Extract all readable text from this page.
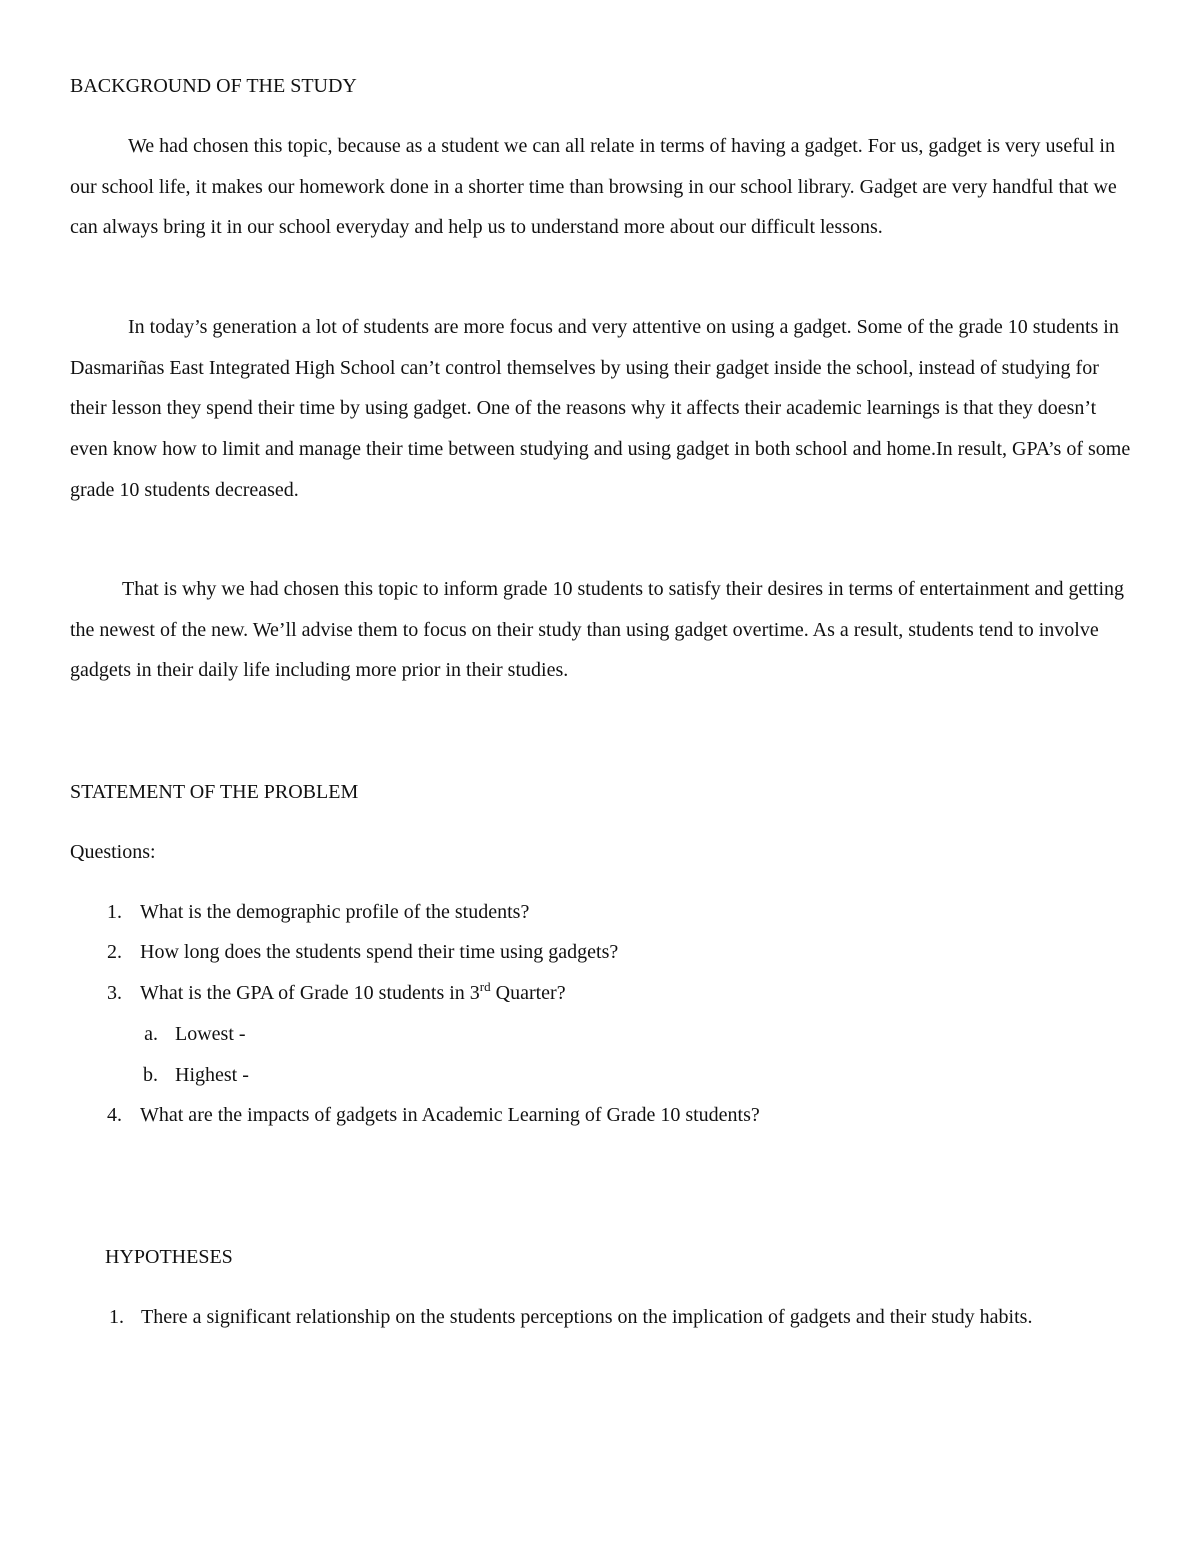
BACKGROUND OF THE STUDY

We had chosen this topic, because as a student we can all relate in terms of having a gadget. For us, gadget is very useful in our school life, it makes our homework done in a shorter time than browsing in our school library. Gadget are very handful that we can always bring it in our school everyday and help us to understand more about our difficult lessons.

In today’s generation a lot of students are more focus and very attentive on using a gadget. Some of the grade 10 students in Dasmariñas East Integrated High School can’t control themselves by using their gadget inside the school, instead of studying for their lesson they spend their time by using gadget. One of the reasons why it affects their academic learnings is that they doesn’t even know how to limit and manage their time between studying and using gadget in both school and home.In result, GPA’s of some grade 10 students decreased.

That is why we had chosen this topic to inform grade 10 students to satisfy their desires in terms of entertainment and getting the newest of the new. We’ll advise them to focus on their study than using gadget overtime. As a result, students tend to involve gadgets in their daily life including more prior in their studies.

STATEMENT OF THE PROBLEM

Questions:

1. What is the demographic profile of the students?
2. How long does the students spend their time using gadgets?
3. What is the GPA of Grade 10 students in 3rd Quarter?
a. Lowest -
b. Highest -
4. What are the impacts of gadgets in Academic Learning of Grade 10 students?
HYPOTHESES
1. There a significant relationship on the students perceptions on the implication of gadgets and their study habits.
